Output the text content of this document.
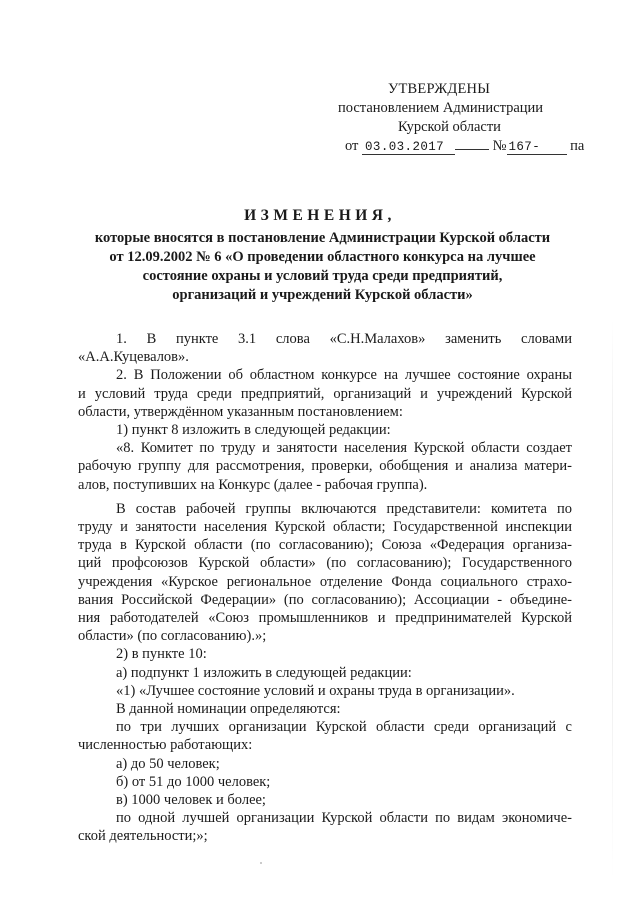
УТВЕРЖДЕНЫ
постановлением Администрации
Курской области
от 03.03.2017	№ 167- па
ИЗМЕНЕНИЯ,
которые вносятся в постановление Администрации Курской области
от 12.09.2002 № 6 «О проведении областного конкурса на лучшее
состояние охраны и условий труда среди предприятий,
организаций и учреждений Курской области»
1. В пункте 3.1 слова «С.Н.Малахов» заменить словами
«А.А.Куцевалов».
2. В Положении об областном конкурсе на лучшее состояние охраны
и условий труда среди предприятий, организаций и учреждений Курской
области, утверждённом указанным постановлением:
1) пункт 8 изложить в следующей редакции:
«8. Комитет по труду и занятости населения Курской области создает
рабочую группу для рассмотрения, проверки, обобщения и анализа матери-
алов, поступивших на Конкурс (далее - рабочая группа).
В состав рабочей группы включаются представители: комитета по
труду и занятости населения Курской области; Государственной инспекции
труда в Курской области (по согласованию); Союза «Федерация организа-
ций профсоюзов Курской области» (по согласованию); Государственного
учреждения «Курское региональное отделение Фонда социального страхо-
вания Российской Федерации» (по согласованию); Ассоциации - объедине-
ния работодателей «Союз промышленников и предпринимателей Курской
области» (по согласованию).»;
2) в пункте 10:
а) подпункт 1 изложить в следующей редакции:
«1) «Лучшее состояние условий и охраны труда в организации».
В данной номинации определяются:
по три лучших организации Курской области среди организаций с
численностью работающих:
а) до 50 человек;
б) от 51 до 1000 человек;
в) 1000 человек и более;
по одной лучшей организации Курской области по видам экономиче-
ской деятельности;»;
